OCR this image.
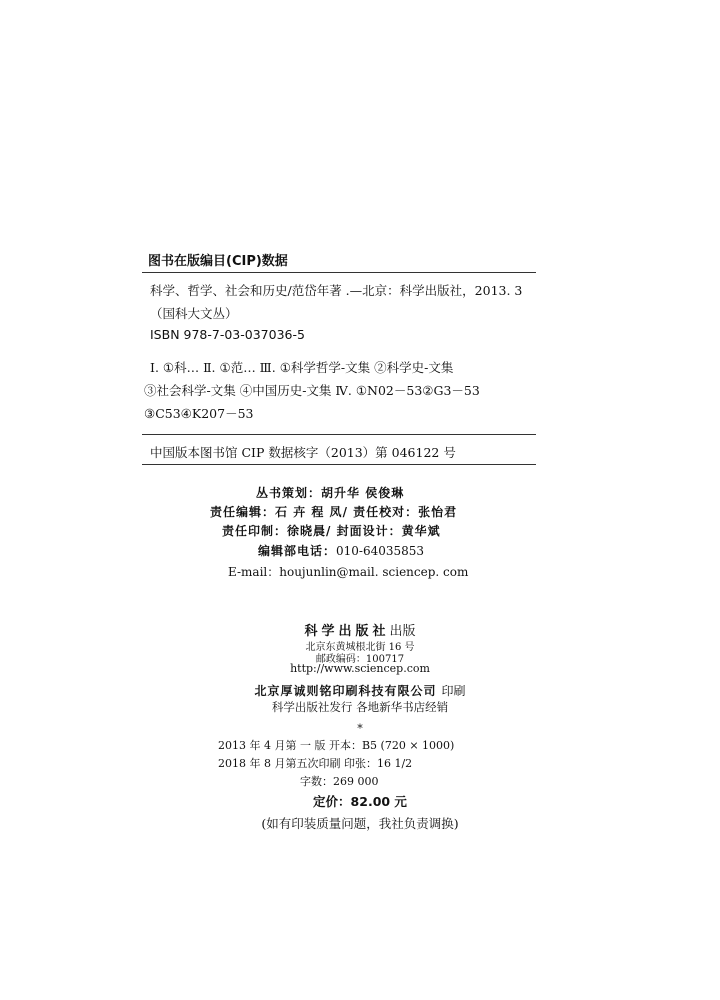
图书在版编目(CIP)数据
科学、哲学、社会和历史/范岱年著 .—北京：科学出版社，2013. 3
（国科大文丛）
ISBN 978-7-03-037036-5
Ⅰ. ①科… Ⅱ. ①范… Ⅲ. ①科学哲学-文集 ②科学史-文集
③社会科学-文集 ④中国历史-文集 Ⅳ. ①N02－53②G3－53
③C53④K207－53
中国版本图书馆 CIP 数据核字（2013）第 046122 号
丛书策划：胡升华 侯俊琳
责任编辑：石 卉 程 凤/ 责任校对：张怡君
责任印制：徐晓晨/ 封面设计：黄华斌
编辑部电话：010-64035853
E-mail：houjunlin@mail. sciencep. com
科学出版社出版
北京东黄城根北街 16 号
邮政编码：100717
http://www.sciencep.com
北京厚诚则铭印刷科技有限公司 印刷
科学出版社发行 各地新华书店经销
*
2013 年 4 月第 一 版 开本：B5 (720 × 1000)
2018 年 8 月第五次印刷 印张：16 1/2
字数：269 000
定价：82.00 元
(如有印装质量问题，我社负责调换)
